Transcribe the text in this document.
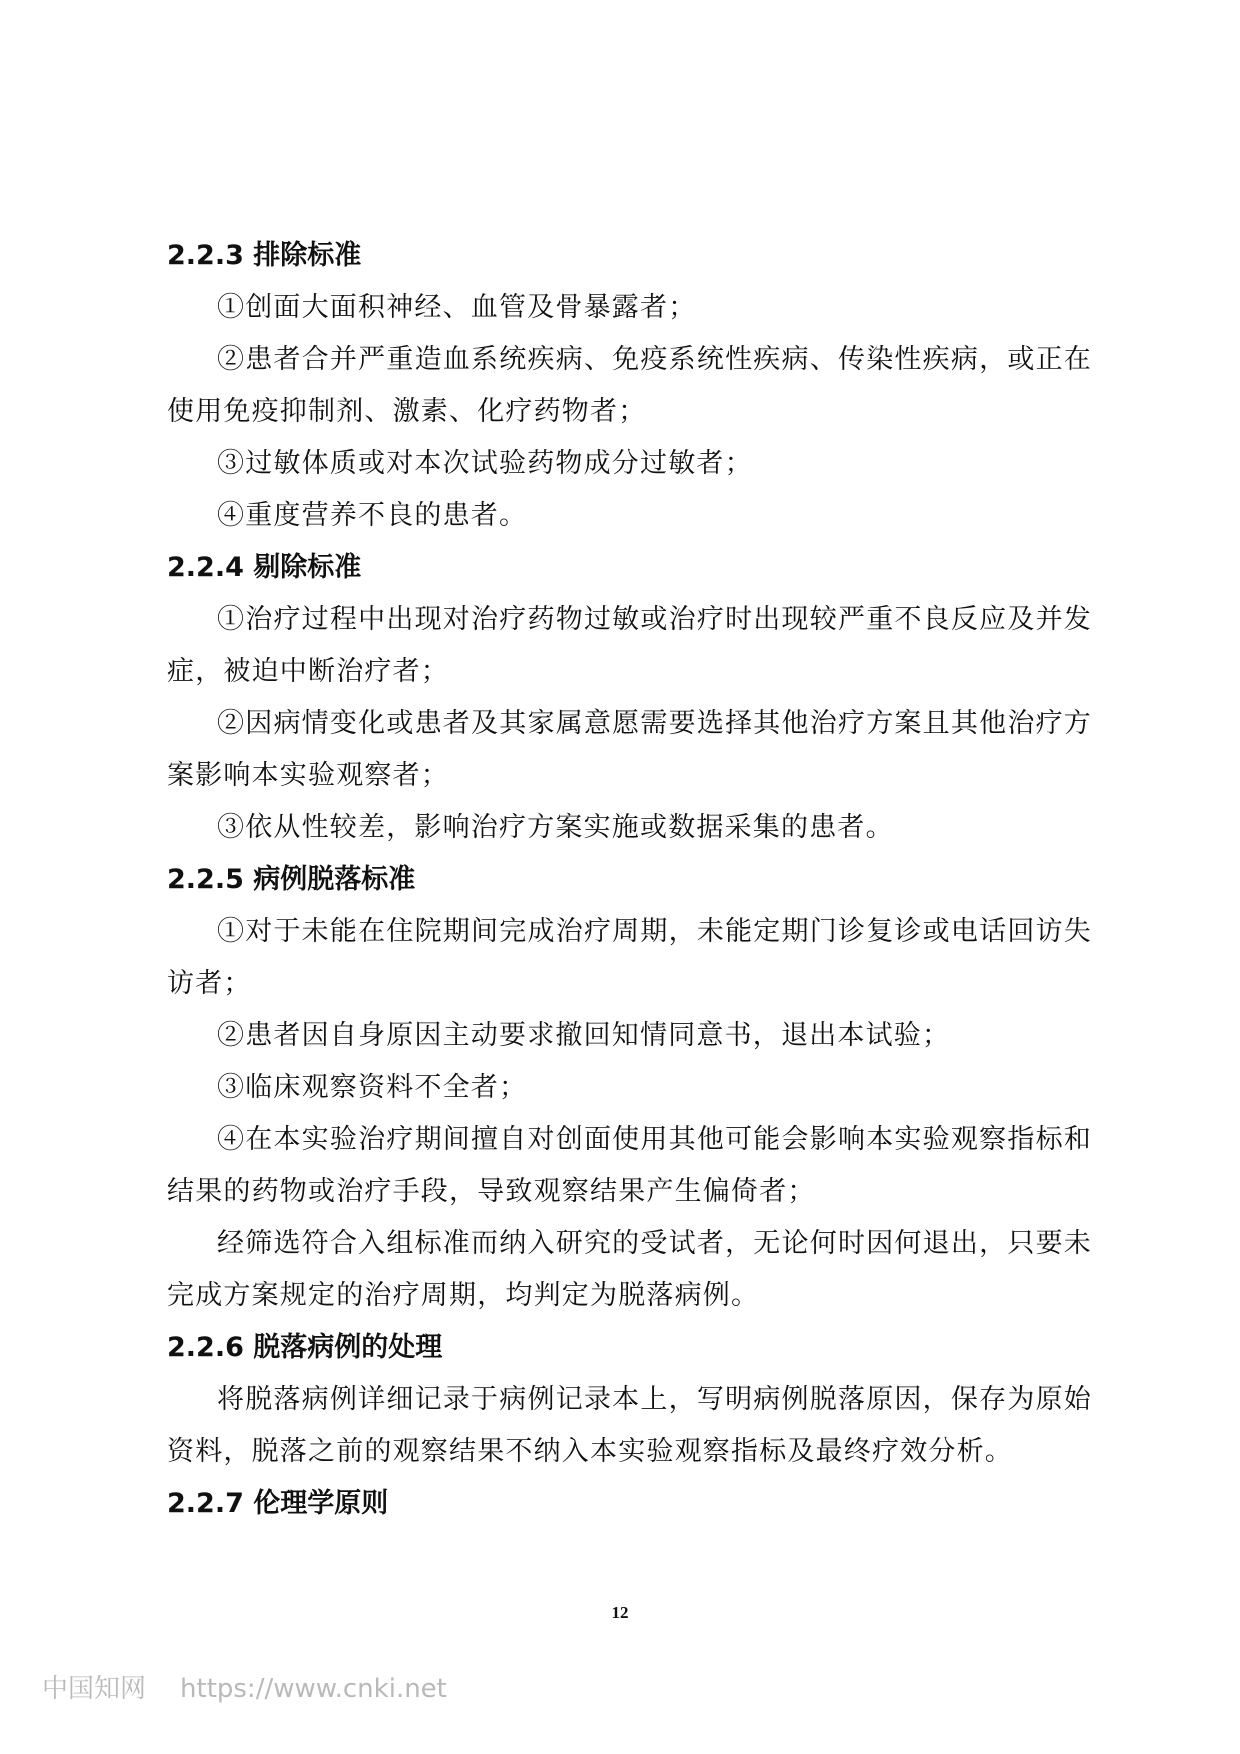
2.2.3 排除标准

①创面大面积神经、血管及骨暴露者；

②患者合并严重造血系统疾病、免疫系统性疾病、传染性疾病，或正在使用免疫抑制剂、激素、化疗药物者；

③过敏体质或对本次试验药物成分过敏者；

④重度营养不良的患者。

2.2.4 剔除标准

①治疗过程中出现对治疗药物过敏或治疗时出现较严重不良反应及并发症，被迫中断治疗者；

②因病情变化或患者及其家属意愿需要选择其他治疗方案且其他治疗方案影响本实验观察者；

③依从性较差，影响治疗方案实施或数据采集的患者。

2.2.5 病例脱落标准

①对于未能在住院期间完成治疗周期，未能定期门诊复诊或电话回访失访者；

②患者因自身原因主动要求撤回知情同意书，退出本试验；

③临床观察资料不全者；

④在本实验治疗期间擅自对创面使用其他可能会影响本实验观察指标和结果的药物或治疗手段，导致观察结果产生偏倚者；

经筛选符合入组标准而纳入研究的受试者，无论何时因何退出，只要未完成方案规定的治疗周期，均判定为脱落病例。

2.2.6 脱落病例的处理

将脱落病例详细记录于病例记录本上，写明病例脱落原因，保存为原始资料，脱落之前的观察结果不纳入本实验观察指标及最终疗效分析。

2.2.7 伦理学原则
12
中国知网 https://www.cnki.net
